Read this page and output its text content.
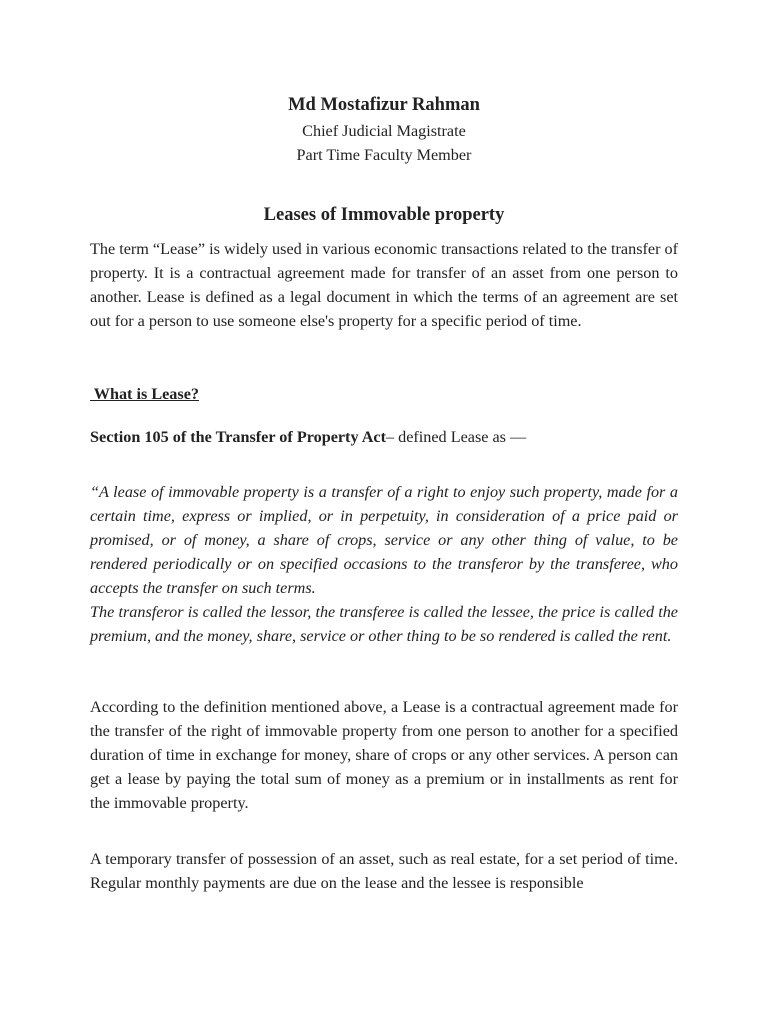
Md Mostafizur Rahman
Chief Judicial Magistrate
Part Time Faculty Member
Leases of Immovable property

The term “Lease” is widely used in various economic transactions related to the transfer of property. It is a contractual agreement made for transfer of an asset from one person to another. Lease is defined as a legal document in which the terms of an agreement are set out for a person to use someone else's property for a specific period of time.

What is Lease?
Section 105 of the Transfer of Property Act– defined Lease as —

“A lease of immovable property is a transfer of a right to enjoy such property, made for a certain time, express or implied, or in perpetuity, in consideration of a price paid or promised, or of money, a share of crops, service or any other thing of value, to be rendered periodically or on specified occasions to the transferor by the transferee, who accepts the transfer on such terms.

The transferor is called the lessor, the transferee is called the lessee, the price is called the premium, and the money, share, service or other thing to be so rendered is called the rent.

According to the definition mentioned above, a Lease is a contractual agreement made for the transfer of the right of immovable property from one person to another for a specified duration of time in exchange for money, share of crops or any other services. A person can get a lease by paying the total sum of money as a premium or in installments as rent for the immovable property.

A temporary transfer of possession of an asset, such as real estate, for a set period of time. Regular monthly payments are due on the lease and the lessee is responsible
